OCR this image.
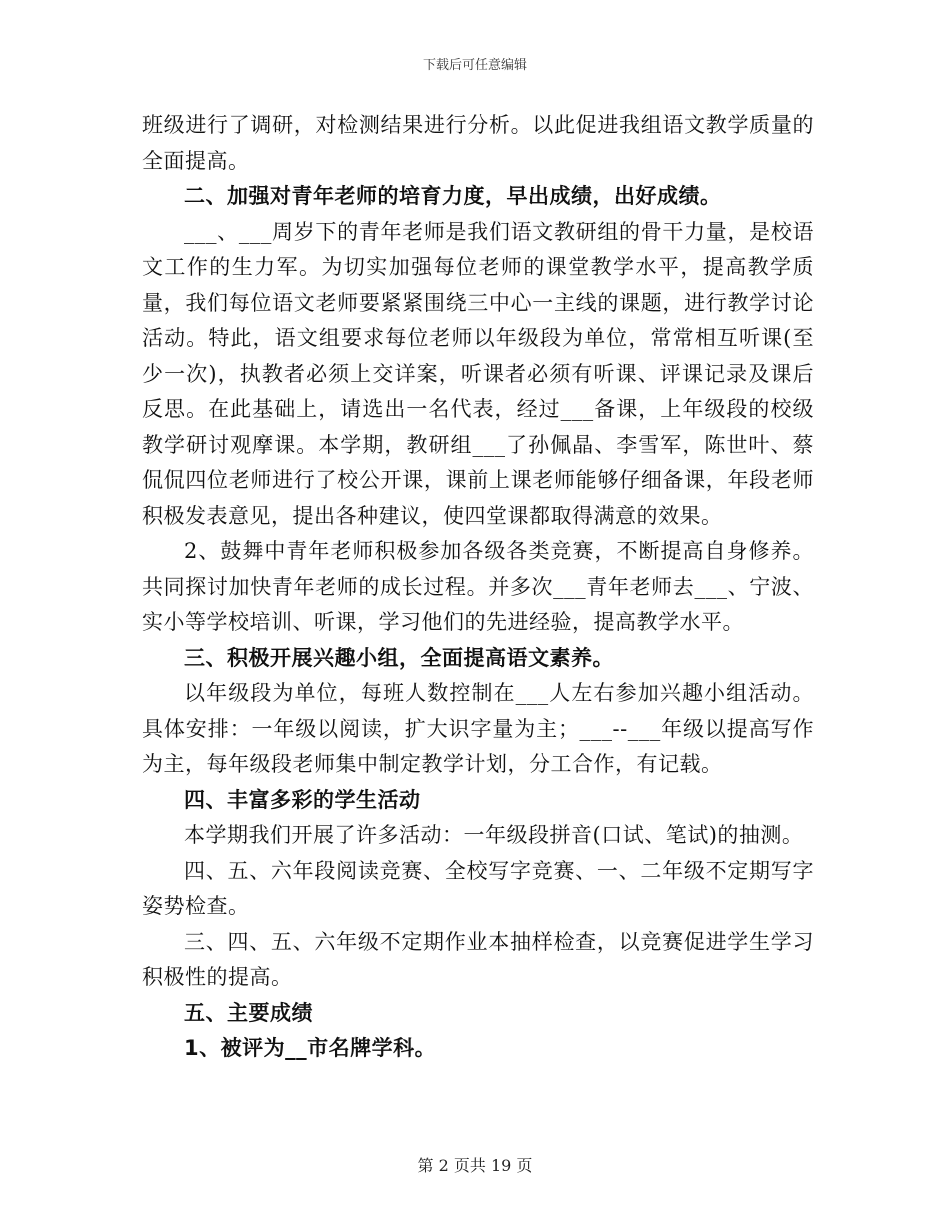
下载后可任意编辑

班级进行了调研，对检测结果进行分析。以此促进我组语文教学质量的全面提高。

二、加强对青年老师的培育力度，早出成绩，出好成绩。

___、___周岁下的青年老师是我们语文教研组的骨干力量，是校语文工作的生力军。为切实加强每位老师的课堂教学水平，提高教学质量，我们每位语文老师要紧紧围绕三中心一主线的课题，进行教学讨论活动。特此，语文组要求每位老师以年级段为单位，常常相互听课(至少一次)，执教者必须上交详案，听课者必须有听课、评课记录及课后反思。在此基础上，请选出一名代表，经过___备课，上年级段的校级教学研讨观摩课。本学期，教研组___了孙佩晶、李雪军，陈世叶、蔡侃侃四位老师进行了校公开课，课前上课老师能够仔细备课，年段老师积极发表意见，提出各种建议，使四堂课都取得满意的效果。

2、鼓舞中青年老师积极参加各级各类竞赛，不断提高自身修养。共同探讨加快青年老师的成长过程。并多次___青年老师去___、宁波、实小等学校培训、听课，学习他们的先进经验，提高教学水平。

三、积极开展兴趣小组，全面提高语文素养。

以年级段为单位，每班人数控制在___人左右参加兴趣小组活动。具体安排：一年级以阅读，扩大识字量为主；___--___年级以提高写作为主，每年级段老师集中制定教学计划，分工合作，有记载。

四、丰富多彩的学生活动

本学期我们开展了许多活动：一年级段拼音(口试、笔试)的抽测。

四、五、六年段阅读竞赛、全校写字竞赛、一、二年级不定期写字姿势检查。

三、四、五、六年级不定期作业本抽样检查，以竞赛促进学生学习积极性的提高。

五、主要成绩

1、被评为__市名牌学科。

第 2 页共 19 页
